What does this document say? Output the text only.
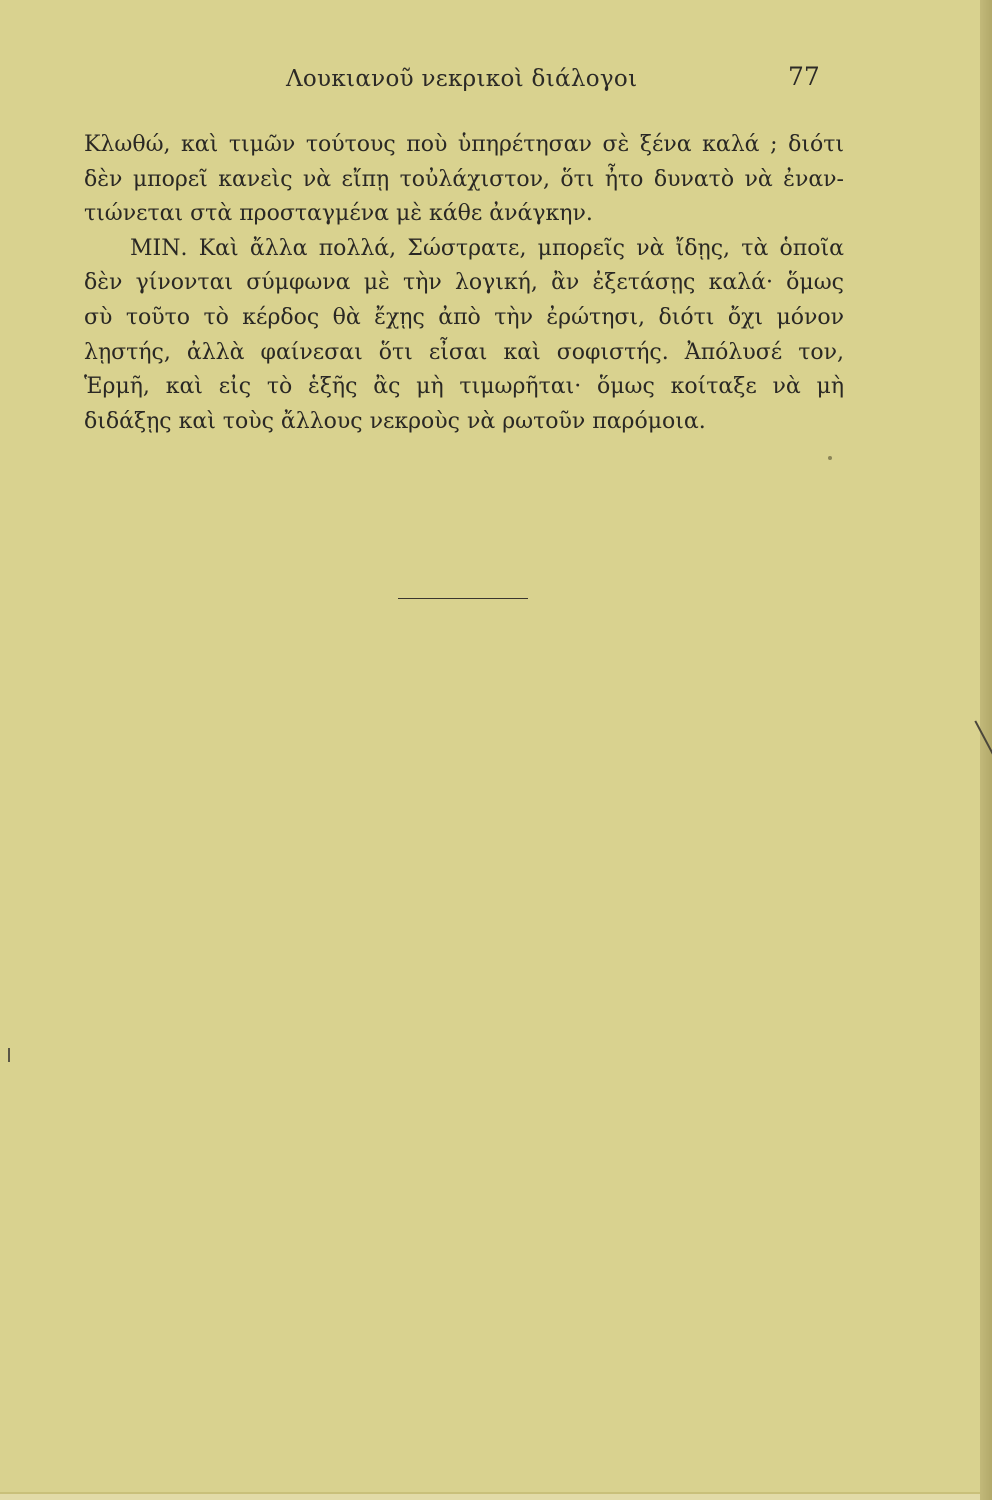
Λουκιανοῦ νεκρικοὶ διάλογοι	77
Κλωθώ, καὶ τιμῶν τούτους ποὺ ὑπηρέτησαν σὲ ξένα καλά ; διότι
δὲν μπορεῖ κανεὶς νὰ εἴπῃ τοὐλάχιστον, ὅτι ἦτο δυνατὸ νὰ ἐναν-
τιώνεται στὰ προσταγμένα μὲ κάθε ἀνάγκην.
ΜΙΝ. Καὶ ἄλλα πολλά, Σώστρατε, μπορεῖς νὰ ἴδῃς, τὰ ὁποῖα
δὲν γίνονται σύμφωνα μὲ τὴν λογική, ἂν ἐξετάσῃς καλά· ὅμως
σὺ τοῦτο τὸ κέρδος θὰ ἔχῃς ἀπὸ τὴν ἐρώτησι, διότι ὄχι μόνον
λῃστής, ἀλλὰ φαίνεσαι ὅτι εἶσαι καὶ σοφιστής. Ἀπόλυσέ τον,
Ἑρμῆ, καὶ εἰς τὸ ἑξῆς ἂς μὴ τιμωρῆται· ὅμως κοίταξε νὰ μὴ
διδάξῃς καὶ τοὺς ἄλλους νεκροὺς νὰ ρωτοῦν παρόμοια.
